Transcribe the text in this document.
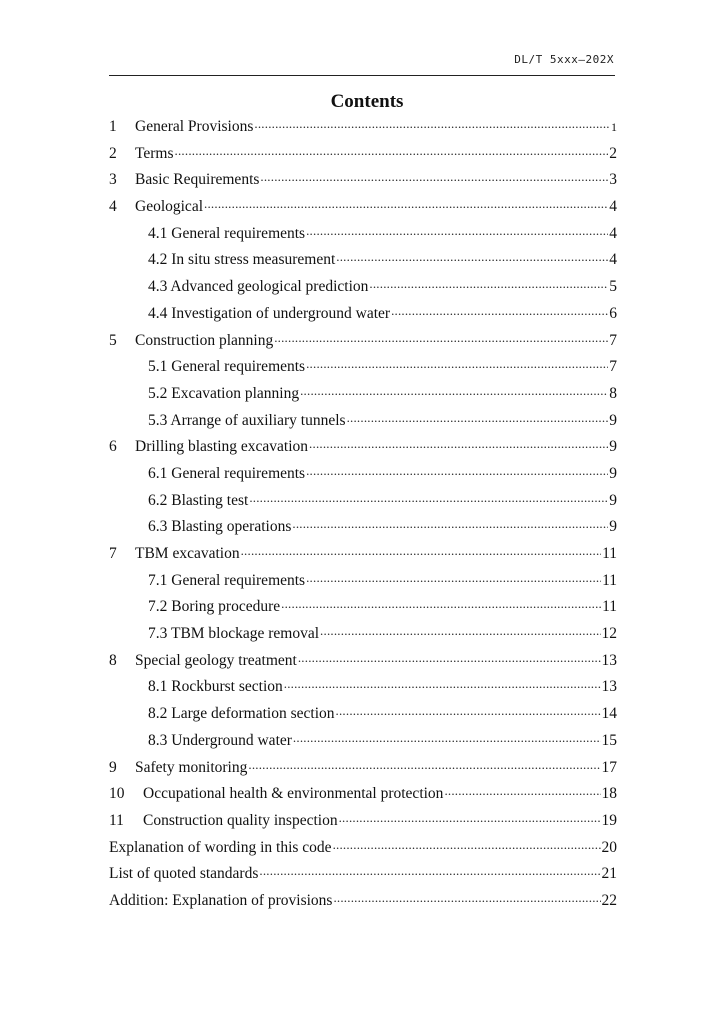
DL/T 5xxx—202X
Contents
1	General Provisions .....	1
2	Terms .....	2
3	Basic Requirements .....	3
4	Geological .....	4
4.1 General requirements .....	4
4.2 In situ stress measurement .....	4
4.3 Advanced geological prediction .....	5
4.4 Investigation of underground water .....	6
5	Construction planning .....	7
5.1 General requirements .....	7
5.2 Excavation planning .....	8
5.3 Arrange of auxiliary tunnels .....	9
6	Drilling blasting excavation .....	9
6.1 General requirements .....	9
6.2 Blasting test .....	9
6.3 Blasting operations .....	9
7	TBM excavation .....	11
7.1 General requirements .....	11
7.2 Boring procedure .....	11
7.3 TBM blockage removal .....	12
8	Special geology treatment .....	13
8.1 Rockburst section .....	13
8.2 Large deformation section .....	14
8.3 Underground water .....	15
9	Safety monitoring .....	17
10	Occupational health & environmental protection .....	18
11	Construction quality inspection .....	19
Explanation of wording in this code .....	20
List of quoted standards .....	21
Addition: Explanation of provisions .....	22
